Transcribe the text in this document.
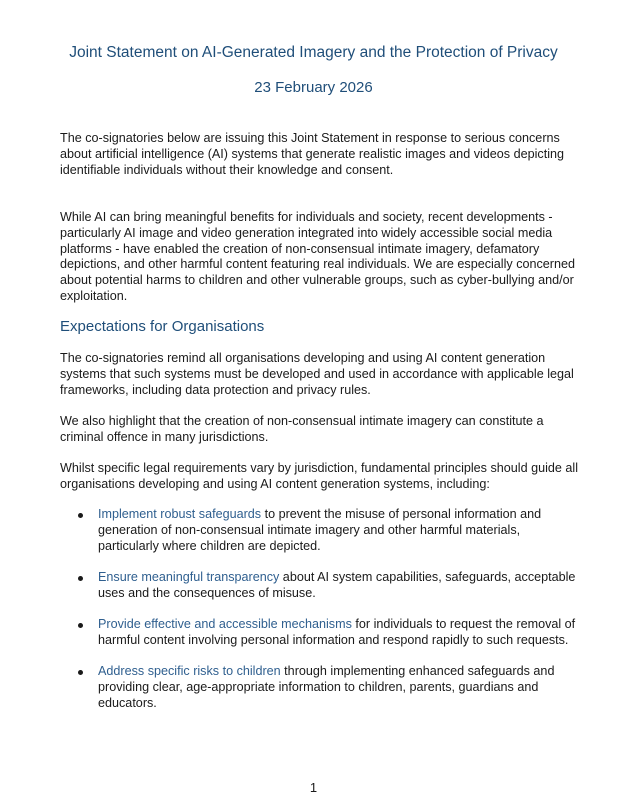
Joint Statement on AI-Generated Imagery and the Protection of Privacy
23 February 2026

The co-signatories below are issuing this Joint Statement in response to serious concerns about artificial intelligence (AI) systems that generate realistic images and videos depicting identifiable individuals without their knowledge and consent.

While AI can bring meaningful benefits for individuals and society, recent developments - particularly AI image and video generation integrated into widely accessible social media platforms - have enabled the creation of non-consensual intimate imagery, defamatory depictions, and other harmful content featuring real individuals. We are especially concerned about potential harms to children and other vulnerable groups, such as cyber-bullying and/or exploitation.

Expectations for Organisations

The co-signatories remind all organisations developing and using AI content generation systems that such systems must be developed and used in accordance with applicable legal frameworks, including data protection and privacy rules.

We also highlight that the creation of non-consensual intimate imagery can constitute a criminal offence in many jurisdictions.

Whilst specific legal requirements vary by jurisdiction, fundamental principles should guide all organisations developing and using AI content generation systems, including:

Implement robust safeguards to prevent the misuse of personal information and generation of non-consensual intimate imagery and other harmful materials, particularly where children are depicted.
Ensure meaningful transparency about AI system capabilities, safeguards, acceptable uses and the consequences of misuse.
Provide effective and accessible mechanisms for individuals to request the removal of harmful content involving personal information and respond rapidly to such requests.
Address specific risks to children through implementing enhanced safeguards and providing clear, age-appropriate information to children, parents, guardians and educators.
1
